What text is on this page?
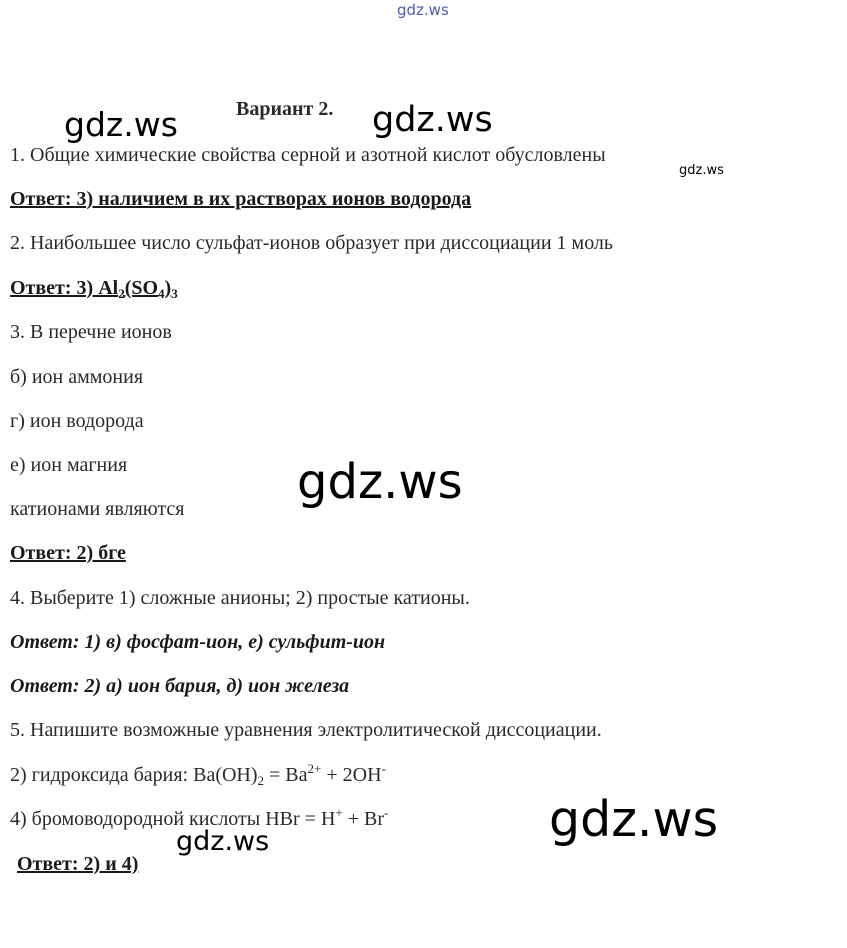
gdz.ws
gdz.ws	gdz.ws
gdz.ws
gdz.ws
gdz.ws
gdz.ws
Вариант 2.
1. Общие химические свойства серной и азотной кислот обусловлены
Ответ: 3) наличием в их растворах ионов водорода
2. Наибольшее число сульфат-ионов образует при диссоциации 1 моль
Ответ: 3) $Al_2(SO_4)_3$
3. В перечне ионов
б) ион аммония
г) ион водорода
е) ион магния
катионами являются
Ответ: 2) бге
4. Выберите 1) сложные анионы; 2) простые катионы.
Ответ: 1) в) фосфат-ион, е) сульфит-ион
Ответ: 2) а) ион бария, д) ион железа
5. Напишите возможные уравнения электролитической диссоциации.
2) гидроксида бария: $Ba(OH)_2 = Ba^{2+} + 2OH^-$
4) бромоводородной кислоты HBr = H+ + Br-
Ответ: 2) и 4)
